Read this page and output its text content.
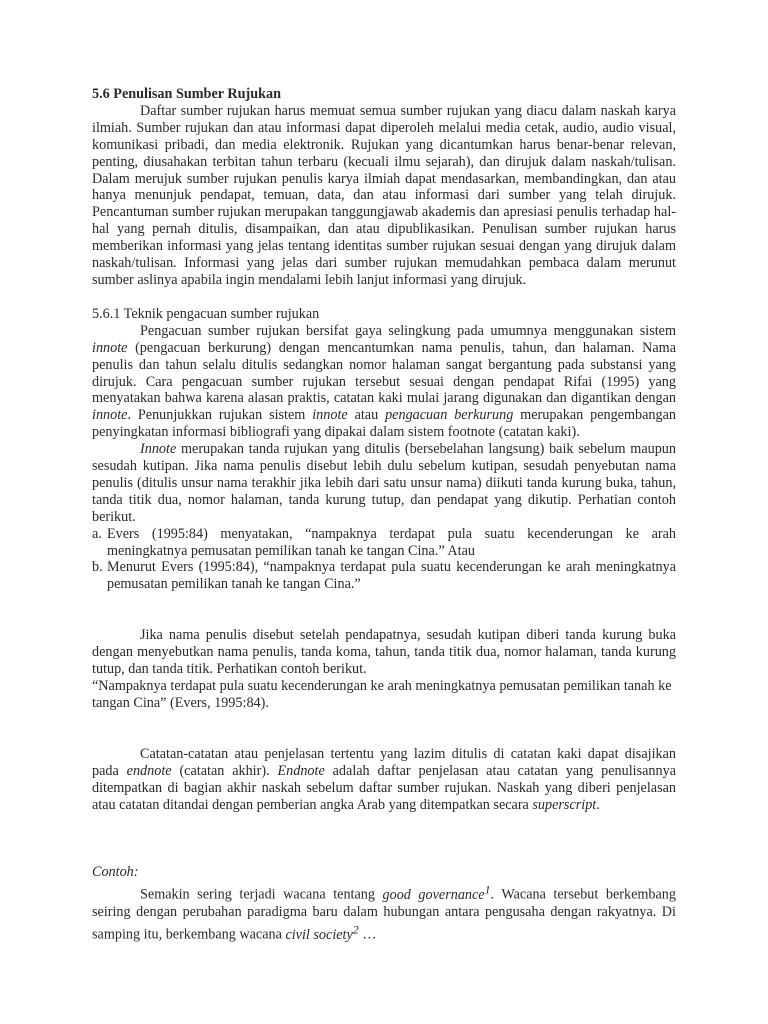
5.6 Penulisan Sumber Rujukan

Daftar sumber rujukan harus memuat semua sumber rujukan yang diacu dalam naskah karya ilmiah. Sumber rujukan dan atau informasi dapat diperoleh melalui media cetak, audio, audio visual, komunikasi pribadi, dan media elektronik. Rujukan yang dicantumkan harus benar-benar relevan, penting, diusahakan terbitan tahun terbaru (kecuali ilmu sejarah), dan dirujuk dalam naskah/tulisan. Dalam merujuk sumber rujukan penulis karya ilmiah dapat mendasarkan, membandingkan, dan atau hanya menunjuk pendapat, temuan, data, dan atau informasi dari sumber yang telah dirujuk. Pencantuman sumber rujukan merupakan tanggungjawab akademis dan apresiasi penulis terhadap hal-hal yang pernah ditulis, disampaikan, dan atau dipublikasikan. Penulisan sumber rujukan harus memberikan informasi yang jelas tentang identitas sumber rujukan sesuai dengan yang dirujuk dalam naskah/tulisan. Informasi yang jelas dari sumber rujukan memudahkan pembaca dalam merunut sumber aslinya apabila ingin mendalami lebih lanjut informasi yang dirujuk.

5.6.1 Teknik pengacuan sumber rujukan

Pengacuan sumber rujukan bersifat gaya selingkung pada umumnya menggunakan sistem innote (pengacuan berkurung) dengan mencantumkan nama penulis, tahun, dan halaman. Nama penulis dan tahun selalu ditulis sedangkan nomor halaman sangat bergantung pada substansi yang dirujuk. Cara pengacuan sumber rujukan tersebut sesuai dengan pendapat Rifai (1995) yang menyatakan bahwa karena alasan praktis, catatan kaki mulai jarang digunakan dan digantikan dengan innote. Penunjukkan rujukan sistem innote atau pengacuan berkurung merupakan pengembangan penyingkatan informasi bibliografi yang dipakai dalam sistem footnote (catatan kaki).

Innote merupakan tanda rujukan yang ditulis (bersebelahan langsung) baik sebelum maupun sesudah kutipan. Jika nama penulis disebut lebih dulu sebelum kutipan, sesudah penyebutan nama penulis (ditulis unsur nama terakhir jika lebih dari satu unsur nama) diikuti tanda kurung buka, tahun, tanda titik dua, nomor halaman, tanda kurung tutup, dan pendapat yang dikutip. Perhatian contoh berikut.

a. Evers (1995:84) menyatakan, “nampaknya terdapat pula suatu kecenderungan ke arah meningkatnya pemusatan pemilikan tanah ke tangan Cina.” Atau
b. Menurut Evers (1995:84), “nampaknya terdapat pula suatu kecenderungan ke arah meningkatnya pemusatan pemilikan tanah ke tangan Cina.”

Jika nama penulis disebut setelah pendapatnya, sesudah kutipan diberi tanda kurung buka dengan menyebutkan nama penulis, tanda koma, tahun, tanda titik dua, nomor halaman, tanda kurung tutup, dan tanda titik. Perhatikan contoh berikut.

“Nampaknya terdapat pula suatu kecenderungan ke arah meningkatnya pemusatan pemilikan tanah ke tangan Cina” (Evers, 1995:84).

Catatan-catatan atau penjelasan tertentu yang lazim ditulis di catatan kaki dapat disajikan pada endnote (catatan akhir). Endnote adalah daftar penjelasan atau catatan yang penulisannya ditempatkan di bagian akhir naskah sebelum daftar sumber rujukan. Naskah yang diberi penjelasan atau catatan ditandai dengan pemberian angka Arab yang ditempatkan secara superscript.

Contoh:

Semakin sering terjadi wacana tentang good governance$^1$. Wacana tersebut berkembang seiring dengan perubahan paradigma baru dalam hubungan antara pengusaha dengan rakyatnya. Di samping itu, berkembang wacana civil society$^2$ …
